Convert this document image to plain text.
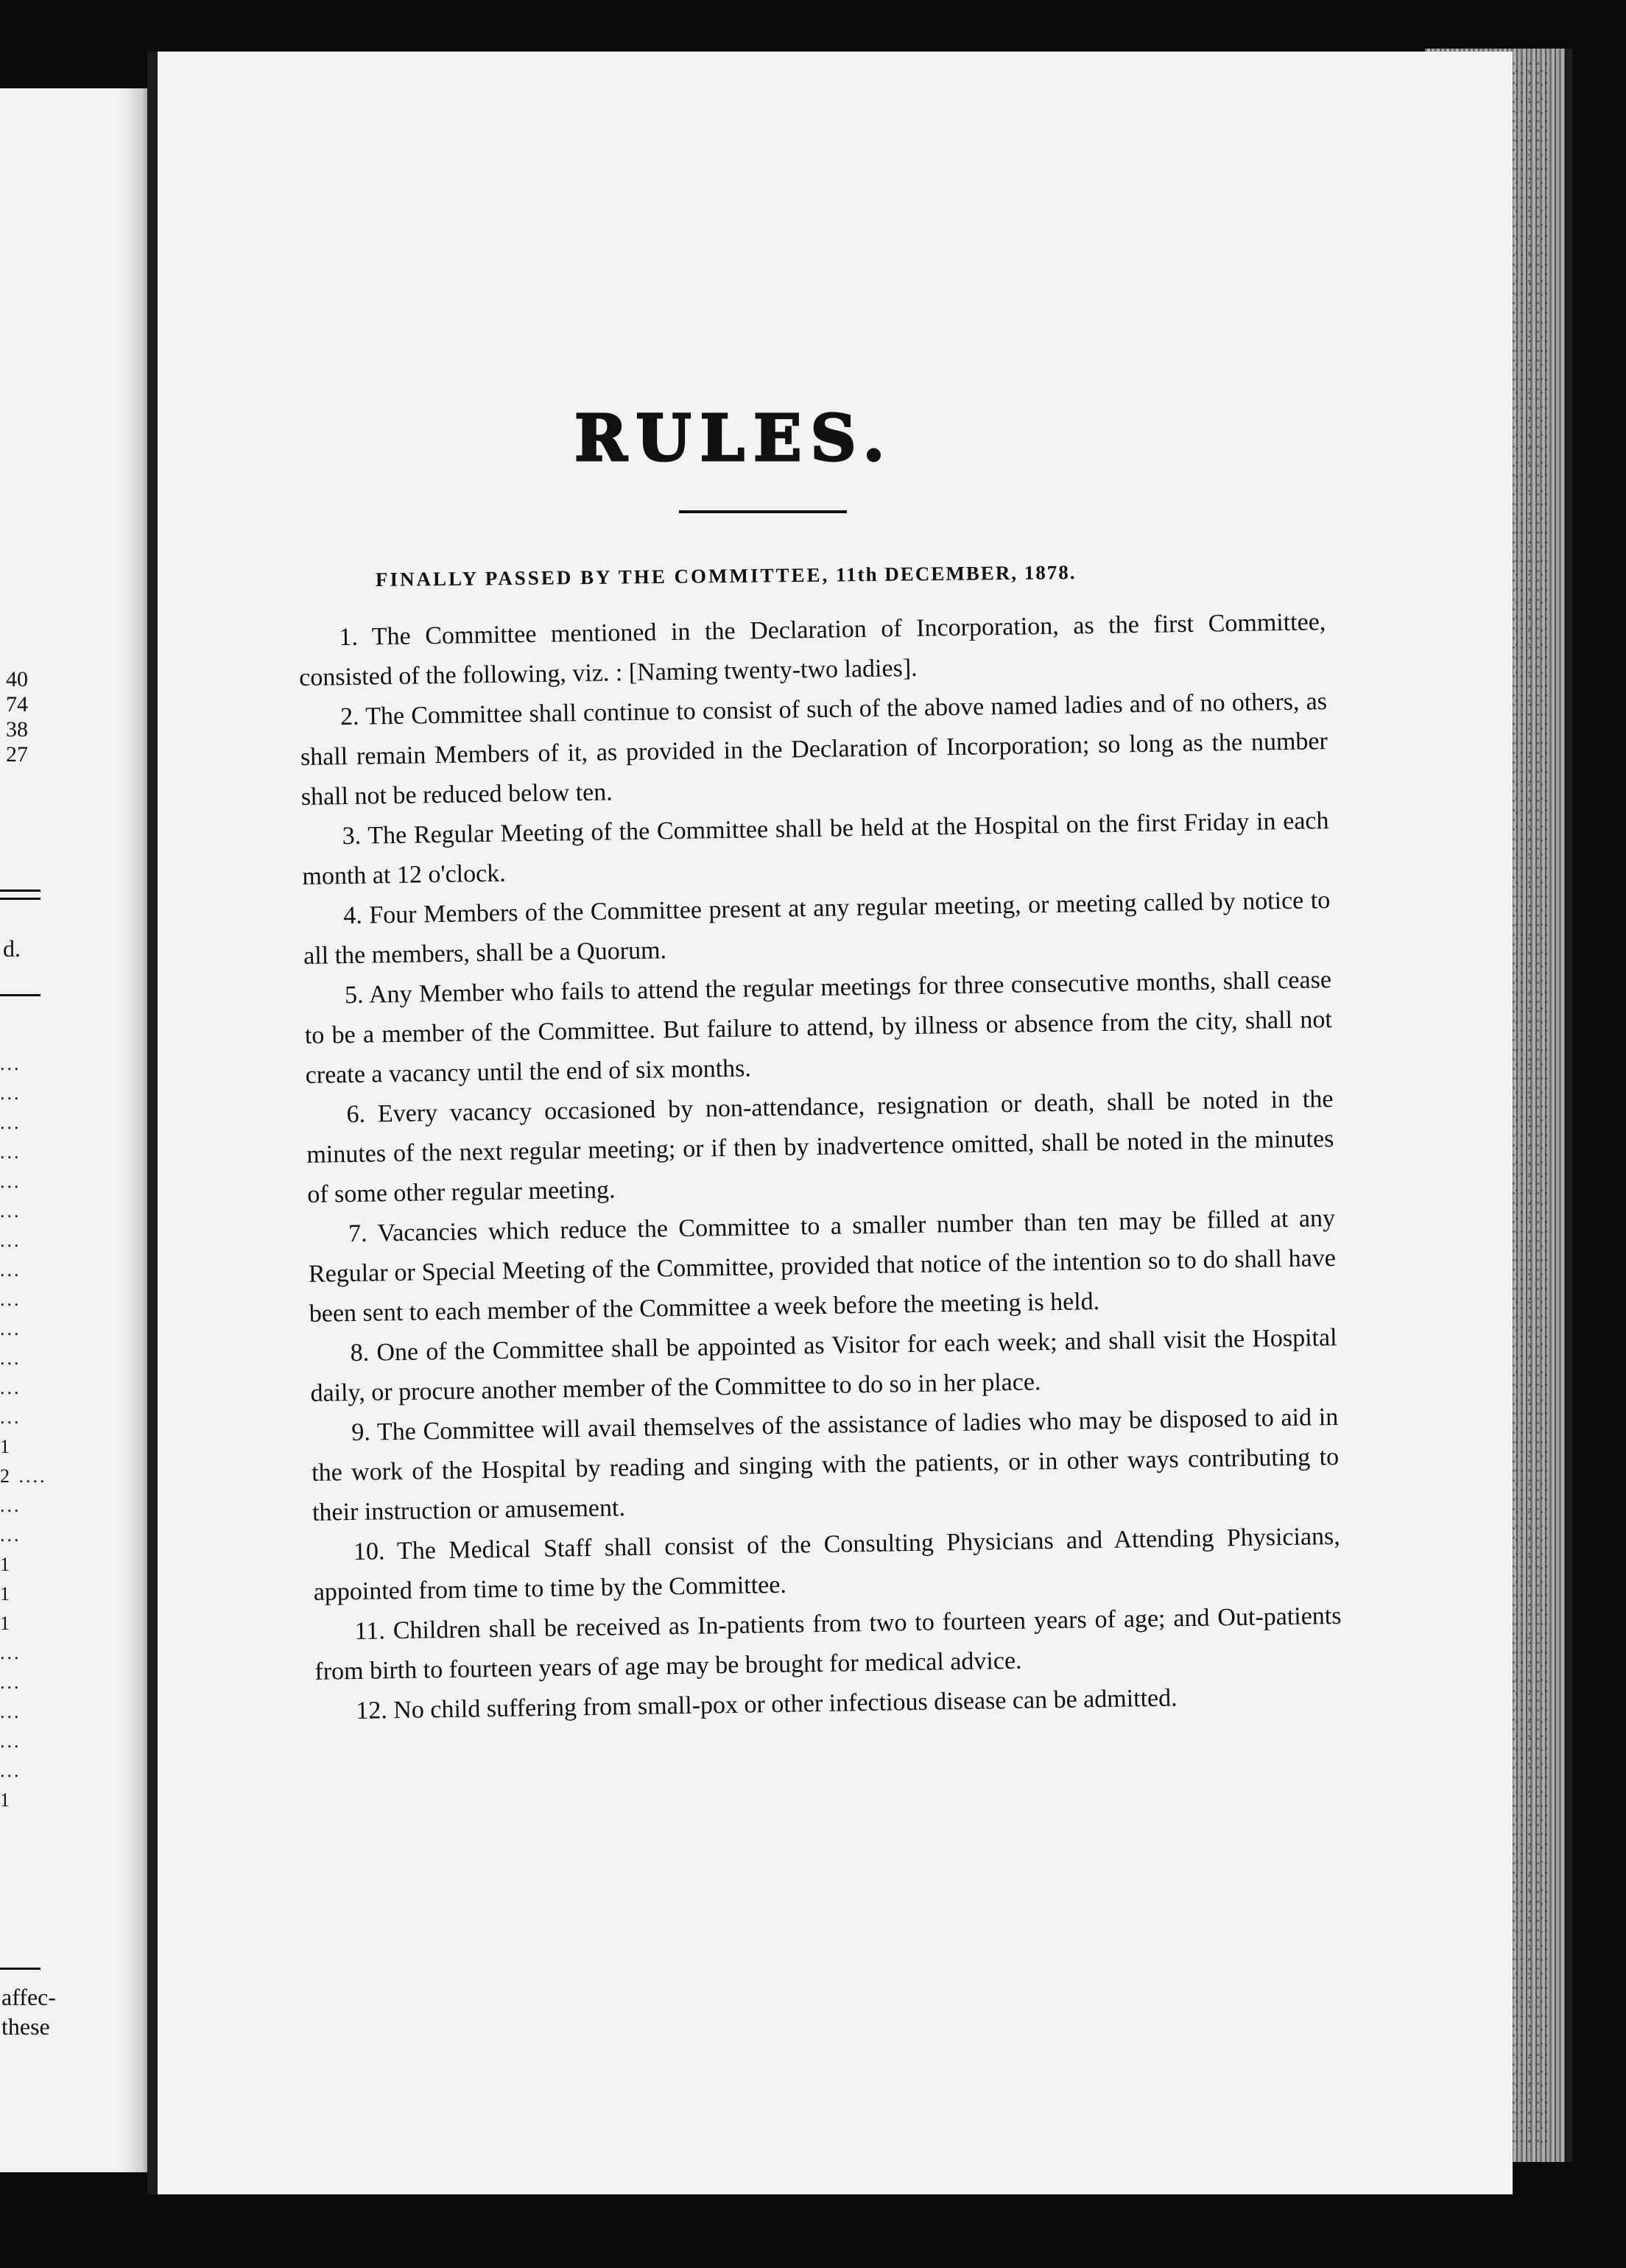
40
74
38
27
d.
...
...
...
...
...
...
...
...
...
...
...
...
...
1
2 ....
...
...
1
1
1
...
...
...
...
...
1
affec-
these
RULES.
FINALLY PASSED BY THE COMMITTEE, 11th DECEMBER, 1878.

1. The Committee mentioned in the Declaration of Incorporation, as the first Committee, consisted of the following, viz. : [Naming twenty-two ladies].

2. The Committee shall continue to consist of such of the above named ladies and of no others, as shall remain Members of it, as provided in the Declaration of Incorporation; so long as the number shall not be reduced below ten.

3. The Regular Meeting of the Committee shall be held at the Hospital on the first Friday in each month at 12 o'clock.

4. Four Members of the Committee present at any regular meeting, or meeting called by notice to all the members, shall be a Quorum.

5. Any Member who fails to attend the regular meetings for three consecutive months, shall cease to be a member of the Committee. But failure to attend, by illness or absence from the city, shall not create a vacancy until the end of six months.

6. Every vacancy occasioned by non-attendance, resignation or death, shall be noted in the minutes of the next regular meeting; or if then by inadvertence omitted, shall be noted in the minutes of some other regular meeting.

7. Vacancies which reduce the Committee to a smaller number than ten may be filled at any Regular or Special Meeting of the Committee, provided that notice of the intention so to do shall have been sent to each member of the Committee a week before the meeting is held.

8. One of the Committee shall be appointed as Visitor for each week; and shall visit the Hospital daily, or procure another member of the Committee to do so in her place.

9. The Committee will avail themselves of the assistance of ladies who may be disposed to aid in the work of the Hospital by reading and singing with the patients, or in other ways contributing to their instruction or amusement.

10. The Medical Staff shall consist of the Consulting Physicians and Attending Physicians, appointed from time to time by the Committee.

11. Children shall be received as In-patients from two to fourteen years of age; and Out-patients from birth to fourteen years of age may be brought for medical advice.

12. No child suffering from small-pox or other infectious disease can be admitted.
